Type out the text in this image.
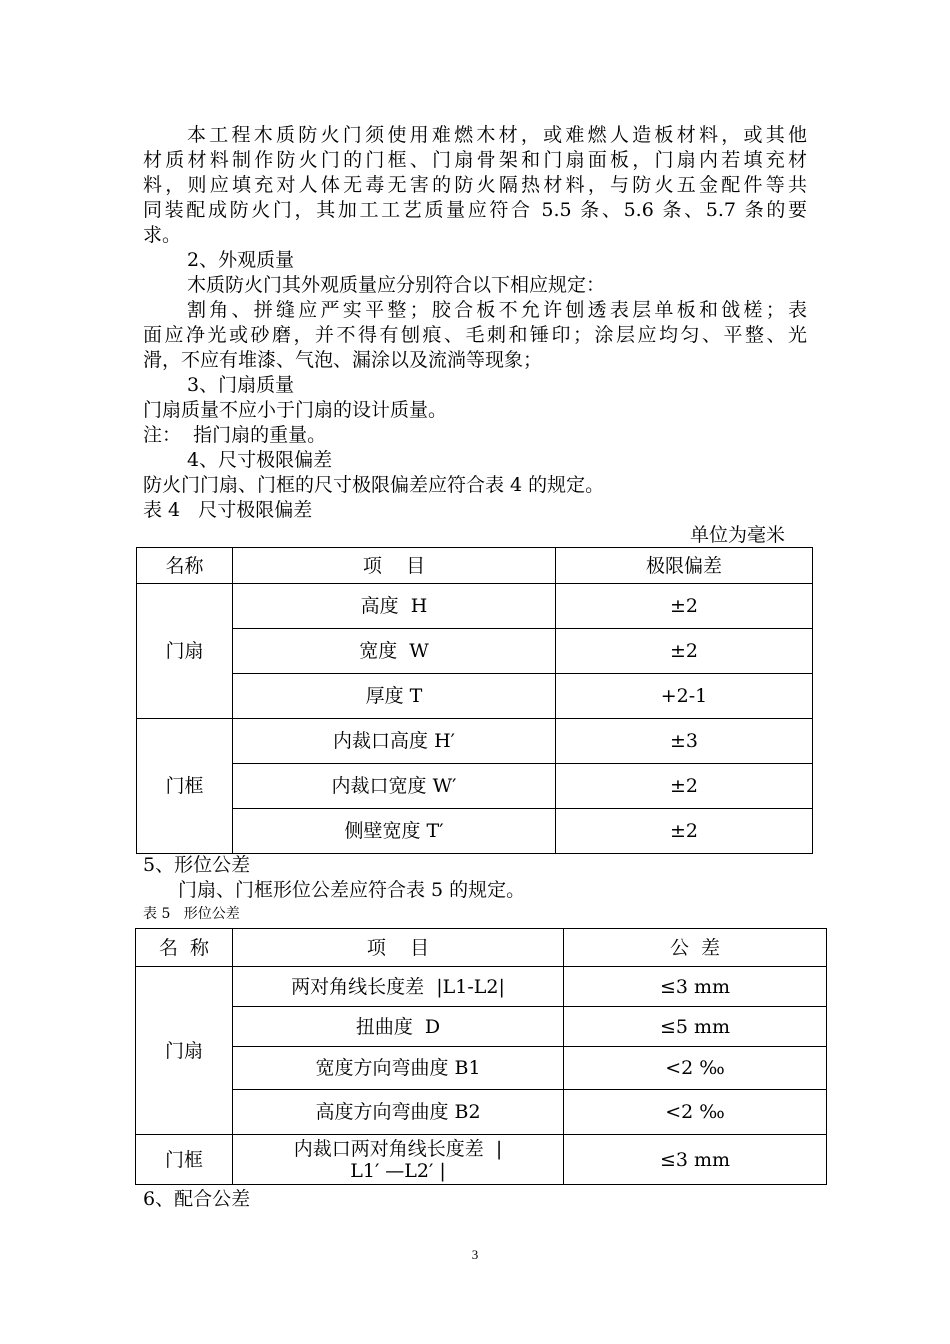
本工程木质防火门须使用难燃木材，或难燃人造板材料，或其他
材质材料制作防火门的门框、门扇骨架和门扇面板，门扇内若填充材
料，则应填充对人体无毒无害的防火隔热材料，与防火五金配件等共
同装配成防火门，其加工工艺质量应符合 5.5 条、5.6 条、5.7 条的要
求。
2、外观质量
木质防火门其外观质量应分别符合以下相应规定：
割角、拼缝应严实平整；胶合板不允许刨透表层单板和戗槎；表
面应净光或砂磨，并不得有刨痕、毛刺和锤印；涂层应均匀、平整、光
滑，不应有堆漆、气泡、漏涂以及流淌等现象；
3、门扇质量
门扇质量不应小于门扇的设计质量。
注：  指门扇的重量。
4、尺寸极限偏差
防火门门扇、门框的尺寸极限偏差应符合表 4 的规定。
表 4   尺寸极限偏差
单位为毫米
名称	项    目	极限偏差
门扇	高度  H	±2
	宽度  W	±2
	厚度 T	+2-1
门框	内裁口高度 H′	±3
	内裁口宽度 W′	±2
	侧壁宽度 T′	±2
5、形位公差
门扇、门框形位公差应符合表 5 的规定。
表 5   形位公差
名  称	项    目	公  差
门扇	两对角线长度差  |L1-L2|	≤3 mm
	扭曲度  D	≤5 mm
	宽度方向弯曲度 B1	<2 ‰
	高度方向弯曲度 B2	<2 ‰
门框	内裁口两对角线长度差  |
L1′ —L2′ |	≤3 mm
6、配合公差
3
